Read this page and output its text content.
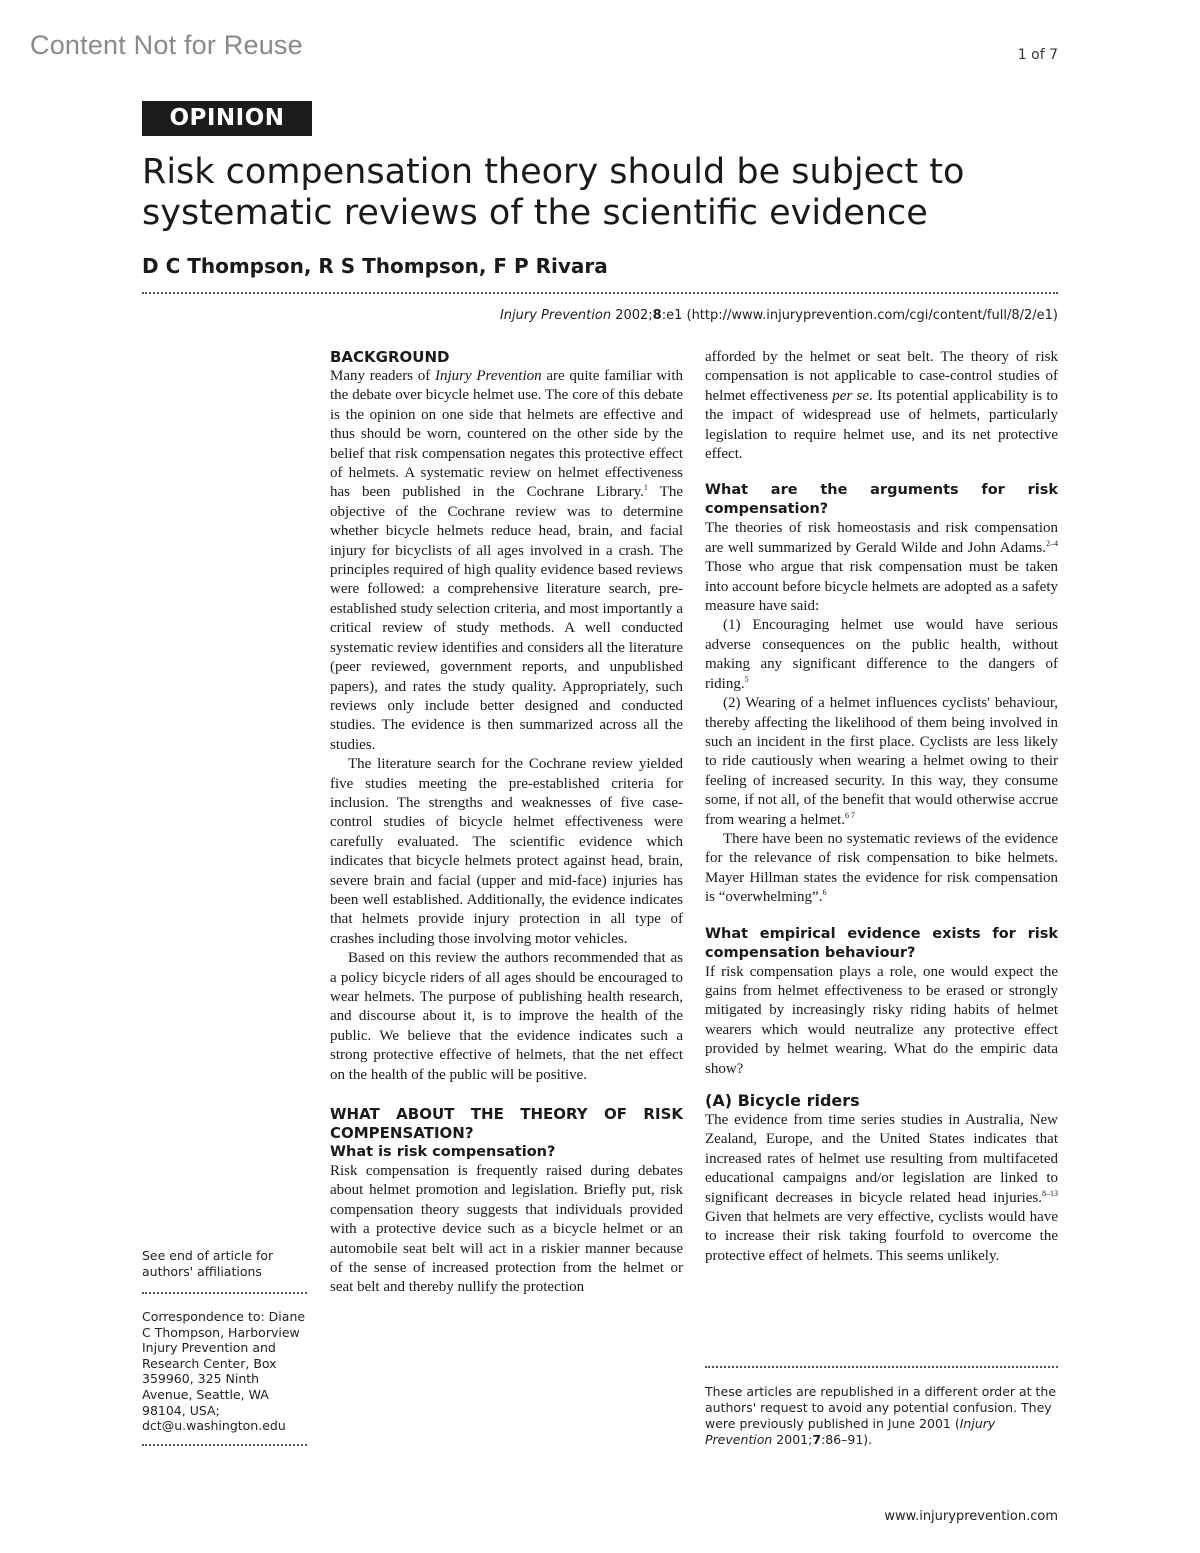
Content Not for Reuse	1 of 7
OPINION
Risk compensation theory should be subject to systematic reviews of the scientific evidence
D C Thompson, R S Thompson, F P Rivara
Injury Prevention 2002;8:e1 (http://www.injuryprevention.com/cgi/content/full/8/2/e1)
See end of article for authors' affiliations
Correspondence to: Diane C Thompson, Harborview Injury Prevention and Research Center, Box 359960, 325 Ninth Avenue, Seattle, WA 98104, USA; dct@u.washington.edu
BACKGROUND

Many readers of Injury Prevention are quite familiar with the debate over bicycle helmet use. The core of this debate is the opinion on one side that helmets are effective and thus should be worn, countered on the other side by the belief that risk compensation negates this protective effect of helmets. A systematic review on helmet effectiveness has been published in the Cochrane Library.$^1$ The objective of the Cochrane review was to determine whether bicycle helmets reduce head, brain, and facial injury for bicyclists of all ages involved in a crash. The principles required of high quality evidence based reviews were followed: a comprehensive literature search, pre-established study selection criteria, and most importantly a critical review of study methods. A well conducted systematic review identifies and considers all the literature (peer reviewed, government reports, and unpublished papers), and rates the study quality. Appropriately, such reviews only include better designed and conducted studies. The evidence is then summarized across all the studies.

The literature search for the Cochrane review yielded five studies meeting the pre-established criteria for inclusion. The strengths and weaknesses of five case-control studies of bicycle helmet effectiveness were carefully evaluated. The scientific evidence which indicates that bicycle helmets protect against head, brain, severe brain and facial (upper and mid-face) injuries has been well established. Additionally, the evidence indicates that helmets provide injury protection in all type of crashes including those involving motor vehicles.

Based on this review the authors recommended that as a policy bicycle riders of all ages should be encouraged to wear helmets. The purpose of publishing health research, and discourse about it, is to improve the health of the public. We believe that the evidence indicates such a strong protective effective of helmets, that the net effect on the health of the public will be positive.

WHAT ABOUT THE THEORY OF RISK COMPENSATION?
What is risk compensation?

Risk compensation is frequently raised during debates about helmet promotion and legislation. Briefly put, risk compensation theory suggests that individuals provided with a protective device such as a bicycle helmet or an automobile seat belt will act in a riskier manner because of the sense of increased protection from the helmet or seat belt and thereby nullify the protection

afforded by the helmet or seat belt. The theory of risk compensation is not applicable to case-control studies of helmet effectiveness per se. Its potential applicability is to the impact of widespread use of helmets, particularly legislation to require helmet use, and its net protective effect.

What are the arguments for risk compensation?

The theories of risk homeostasis and risk compensation are well summarized by Gerald Wilde and John Adams.$^{2-4}$ Those who argue that risk compensation must be taken into account before bicycle helmets are adopted as a safety measure have said:

(1) Encouraging helmet use would have serious adverse consequences on the public health, without making any significant difference to the dangers of riding.$^5$

(2) Wearing of a helmet influences cyclists' behaviour, thereby affecting the likelihood of them being involved in such an incident in the first place. Cyclists are less likely to ride cautiously when wearing a helmet owing to their feeling of increased security. In this way, they consume some, if not all, of the benefit that would otherwise accrue from wearing a helmet.$^{6 7}$

There have been no systematic reviews of the evidence for the relevance of risk compensation to bike helmets. Mayer Hillman states the evidence for risk compensation is “overwhelming”.$^6$

What empirical evidence exists for risk compensation behaviour?

If risk compensation plays a role, one would expect the gains from helmet effectiveness to be erased or strongly mitigated by increasingly risky riding habits of helmet wearers which would neutralize any protective effect provided by helmet wearing. What do the empiric data show?

(A) Bicycle riders

The evidence from time series studies in Australia, New Zealand, Europe, and the United States indicates that increased rates of helmet use resulting from multifaceted educational campaigns and/or legislation are linked to significant decreases in bicycle related head injuries.$^{8-13}$ Given that helmets are very effective, cyclists would have to increase their risk taking fourfold to overcome the protective effect of helmets. This seems unlikely.

These articles are republished in a different order at the authors' request to avoid any potential confusion. They were previously published in June 2001 (Injury Prevention 2001;7:86–91).
www.injuryprevention.com
